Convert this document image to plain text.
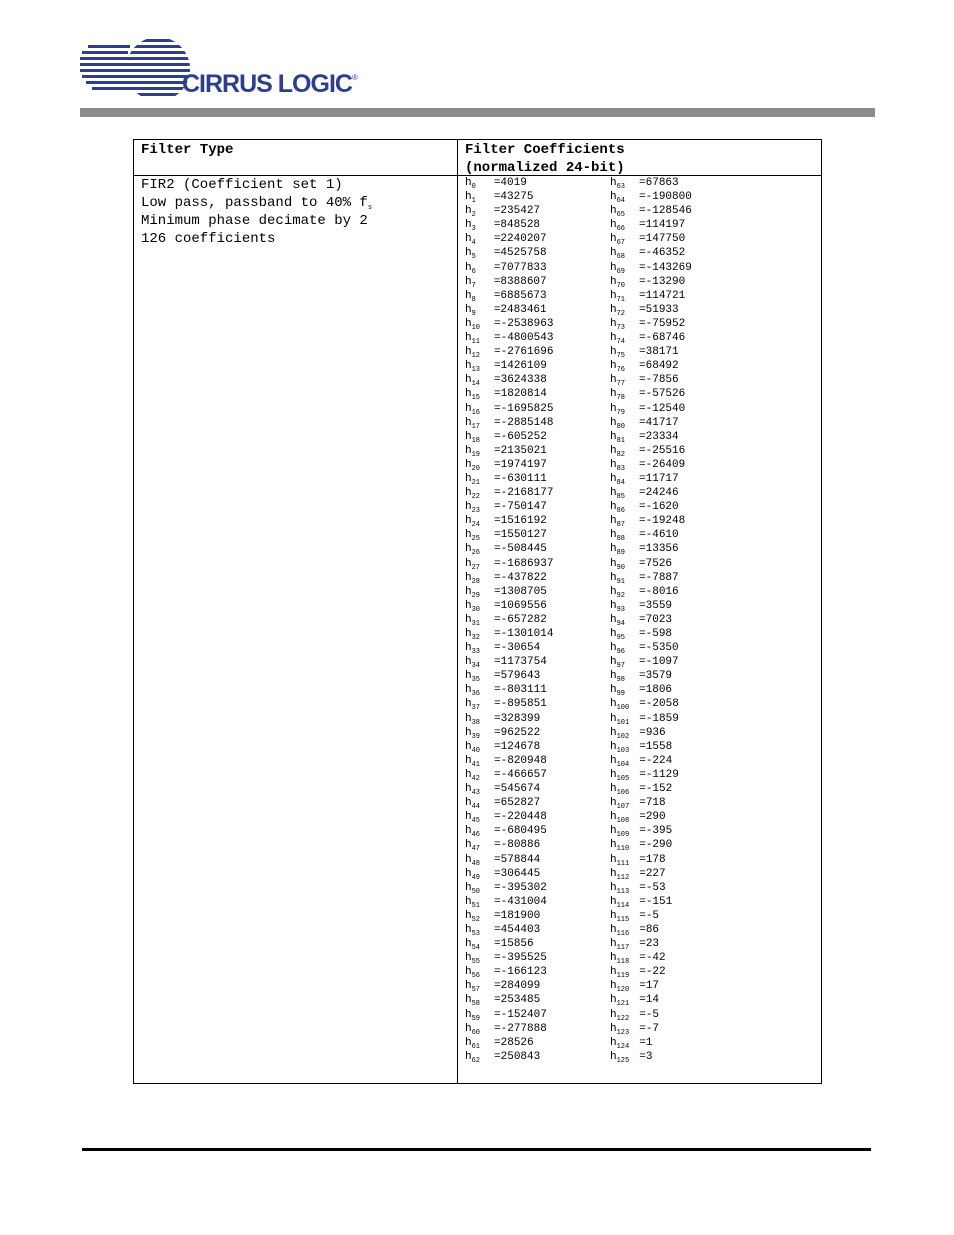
CIRRUS LOGIC®
Filter Type	Filter Coefficients
(normalized 24-bit)
FIR2 (Coefficient set 1)
Low pass, passband to 40% $f_s$
Minimum phase decimate by 2
126 coefficients
$h_0 =4019$
$h_1 =43275$
$h_2 =235427$
$h_3 =848528$
$h_4 =2240207$
$h_5 =4525758$
$h_6 =7077833$
$h_7 =8388607$
$h_8 =6885673$
$h_9 =2483461$
$h_{10} =-2538963$
$h_{11} =-4800543$
$h_{12} =-2761696$
$h_{13} =1426109$
$h_{14} =3624338$
$h_{15} =1820814$
$h_{16} =-1695825$
$h_{17} =-2885148$
$h_{18} =-605252$
$h_{19} =2135021$
$h_{20} =1974197$
$h_{21} =-630111$
$h_{22} =-2168177$
$h_{23} =-750147$
$h_{24} =1516192$
$h_{25} =1550127$
$h_{26} =-508445$
$h_{27} =-1686937$
$h_{28} =-437822$
$h_{29} =1308705$
$h_{30} =1069556$
$h_{31} =-657282$
$h_{32} =-1301014$
$h_{33} =-30654$
$h_{34} =1173754$
$h_{35} =579643$
$h_{36} =-803111$
$h_{37} =-895851$
$h_{38} =328399$
$h_{39} =962522$
$h_{40} =124678$
$h_{41} =-820948$
$h_{42} =-466657$
$h_{43} =545674$
$h_{44} =652827$
$h_{45} =-220448$
$h_{46} =-680495$
$h_{47} =-80886$
$h_{48} =578844$
$h_{49} =306445$
$h_{50} =-395302$
$h_{51} =-431004$
$h_{52} =181900$
$h_{53} =454403$
$h_{54} =15856$
$h_{55} =-395525$
$h_{56} =-166123$
$h_{57} =284099$
$h_{58} =253485$
$h_{59} =-152407$
$h_{60} =-277888$
$h_{61} =28526$
$h_{62} =250843$
$h_{63} =67863$
$h_{64} =-190800$
$h_{65} =-128546$
$h_{66} =114197$
$h_{67} =147750$
$h_{68} =-46352$
$h_{69} =-143269$
$h_{70} =-13290$
$h_{71} =114721$
$h_{72} =51933$
$h_{73} =-75952$
$h_{74} =-68746$
$h_{75} =38171$
$h_{76} =68492$
$h_{77} =-7856$
$h_{78} =-57526$
$h_{79} =-12540$
$h_{80} =41717$
$h_{81} =23334$
$h_{82} =-25516$
$h_{83} =-26409$
$h_{84} =11717$
$h_{85} =24246$
$h_{86} =-1620$
$h_{87} =-19248$
$h_{88} =-4610$
$h_{89} =13356$
$h_{90} =7526$
$h_{91} =-7887$
$h_{92} =-8016$
$h_{93} =3559$
$h_{94} =7023$
$h_{95} =-598$
$h_{96} =-5350$
$h_{97} =-1097$
$h_{98} =3579$
$h_{99} =1806$
$h_{100} =-2058$
$h_{101} =-1859$
$h_{102} =936$
$h_{103} =1558$
$h_{104} =-224$
$h_{105} =-1129$
$h_{106} =-152$
$h_{107} =718$
$h_{108} =290$
$h_{109} =-395$
$h_{110} =-290$
$h_{111} =178$
$h_{112} =227$
$h_{113} =-53$
$h_{114} =-151$
$h_{115} =-5$
$h_{116} =86$
$h_{117} =23$
$h_{118} =-42$
$h_{119} =-22$
$h_{120} =17$
$h_{121} =14$
$h_{122} =-5$
$h_{123} =-7$
$h_{124} =1$
$h_{125} =3$
